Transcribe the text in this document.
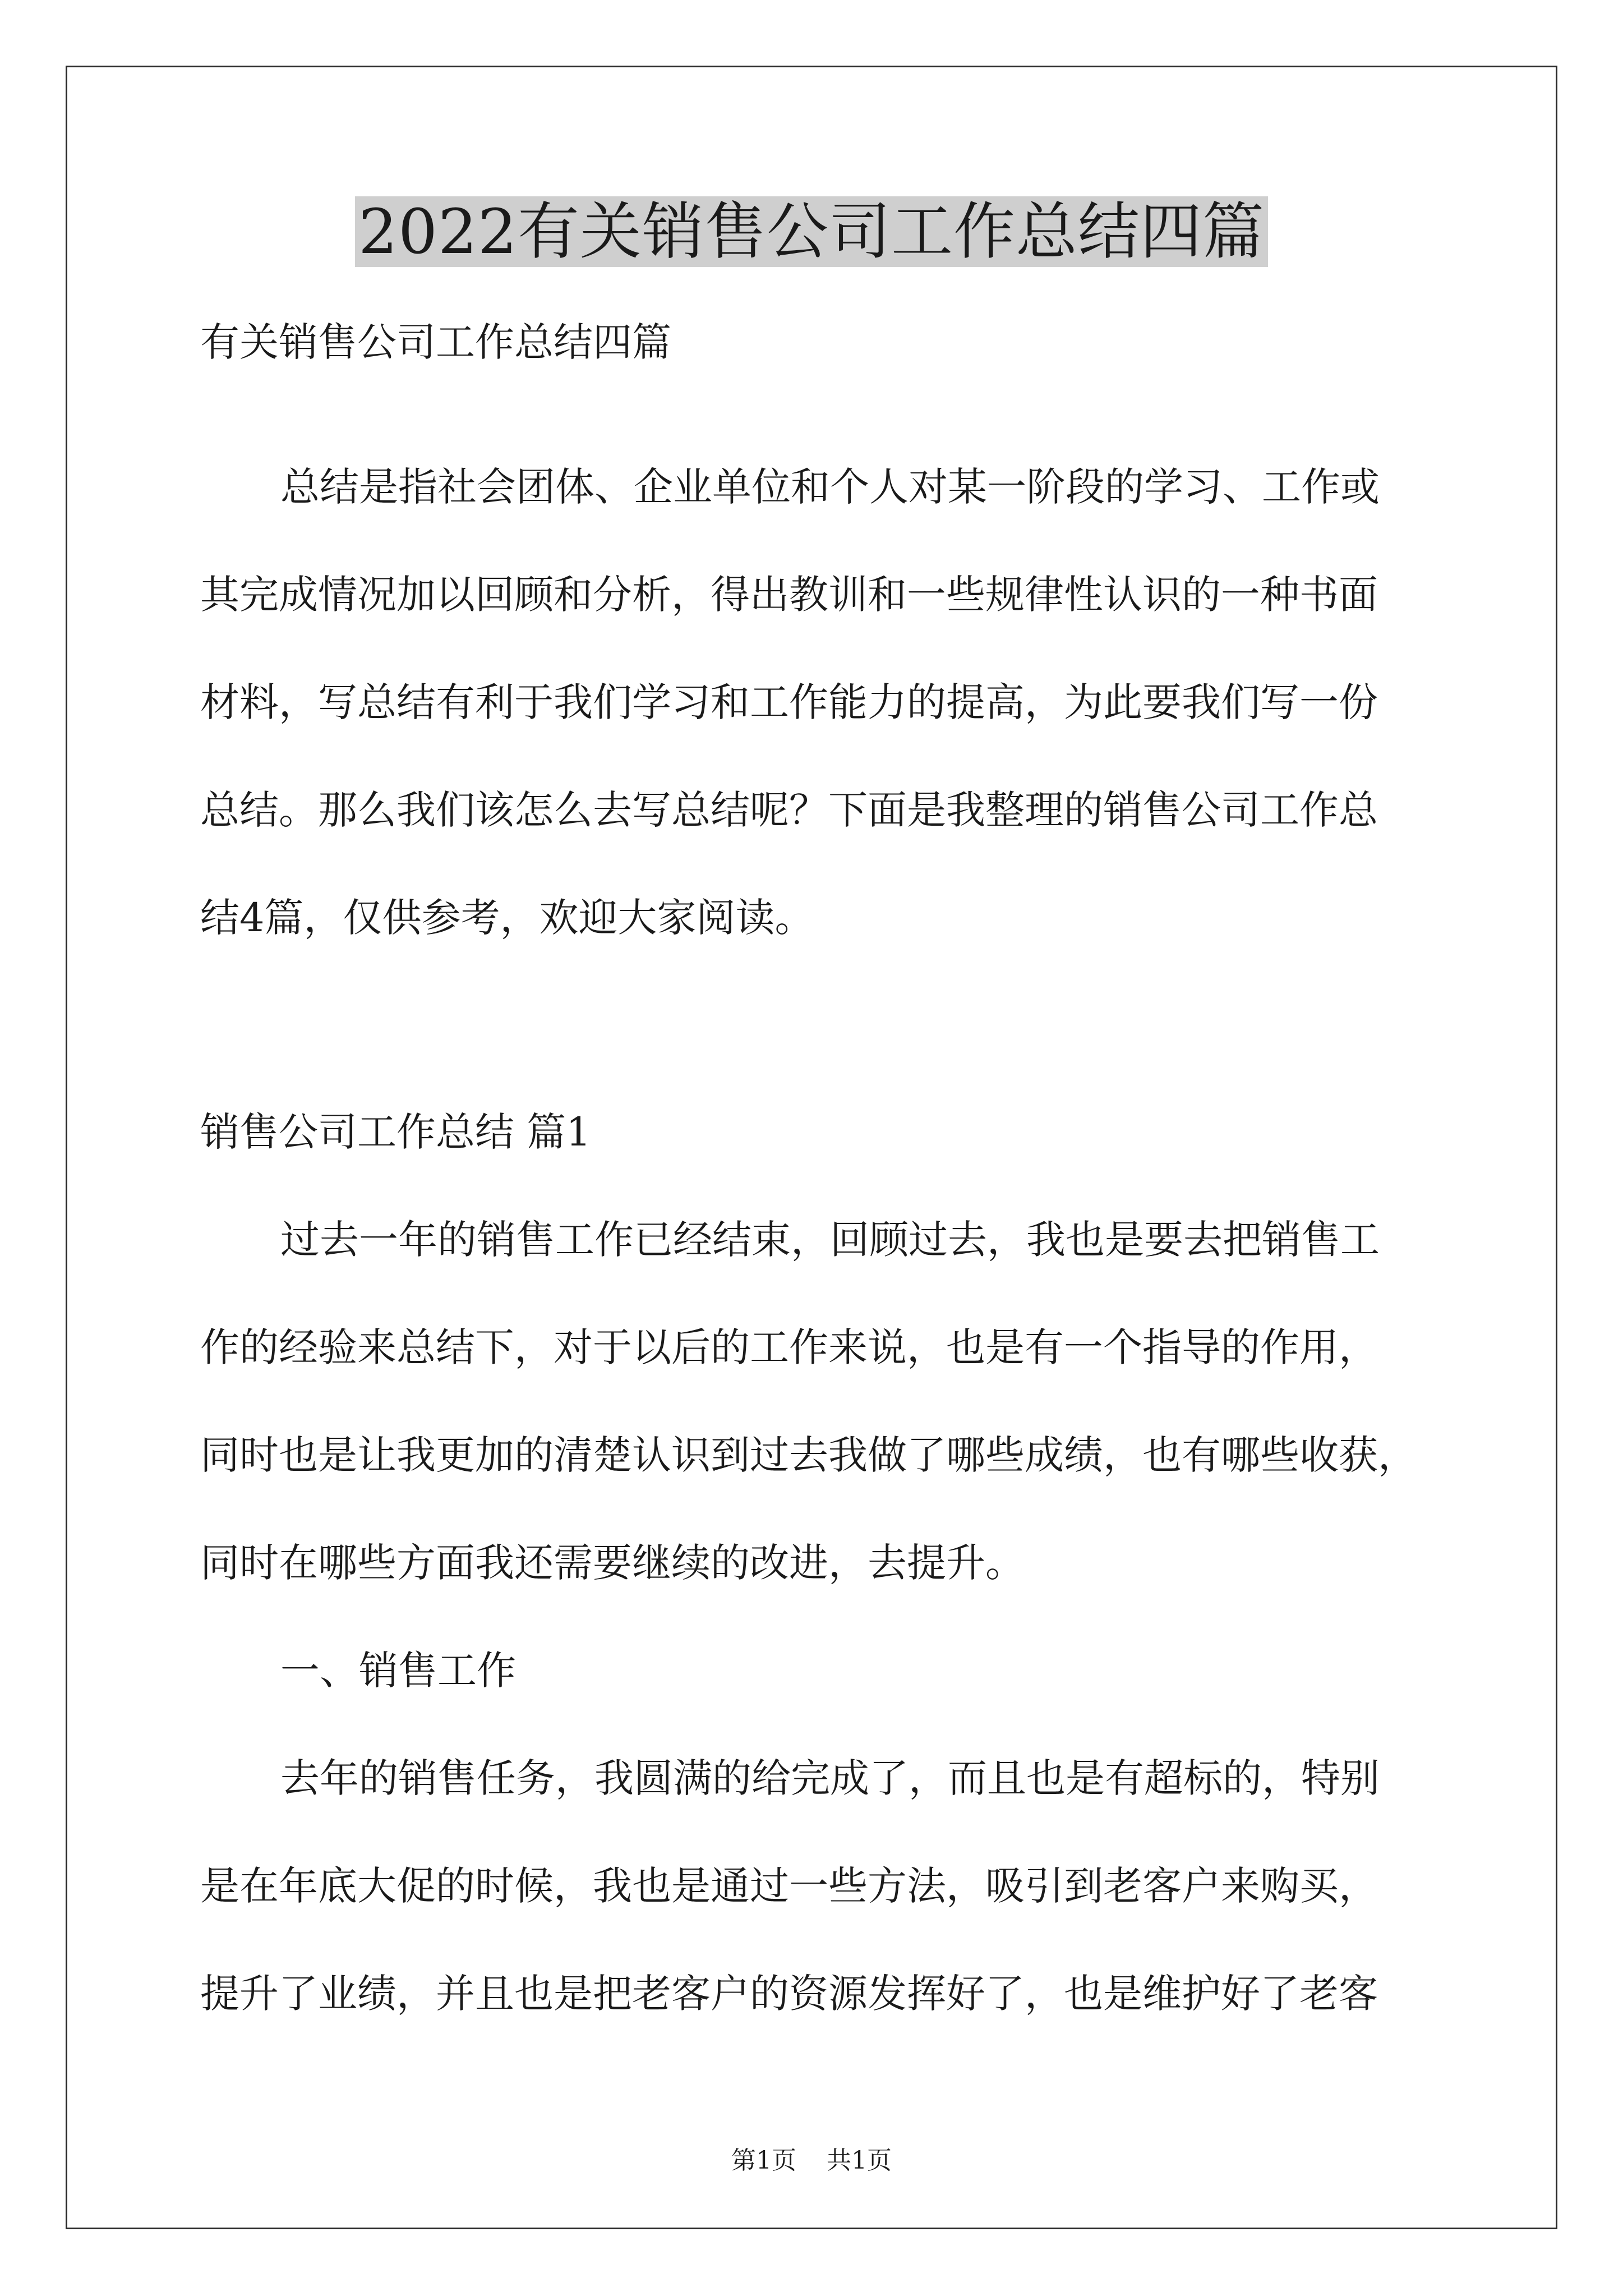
2022有关销售公司工作总结四篇

有关销售公司工作总结四篇

总结是指社会团体、企业单位和个人对某一阶段的学习、工作或

其完成情况加以回顾和分析，得出教训和一些规律性认识的一种书面

材料，写总结有利于我们学习和工作能力的提高，为此要我们写一份

总结。那么我们该怎么去写总结呢？下面是我整理的销售公司工作总

结4篇，仅供参考，欢迎大家阅读。

销售公司工作总结 篇1

过去一年的销售工作已经结束，回顾过去，我也是要去把销售工

作的经验来总结下，对于以后的工作来说，也是有一个指导的作用，

同时也是让我更加的清楚认识到过去我做了哪些成绩，也有哪些收获，

同时在哪些方面我还需要继续的改进，去提升。

一、销售工作

去年的销售任务，我圆满的给完成了，而且也是有超标的，特别

是在年底大促的时候，我也是通过一些方法，吸引到老客户来购买，

提升了业绩，并且也是把老客户的资源发挥好了，也是维护好了老客

第1页 共1页
